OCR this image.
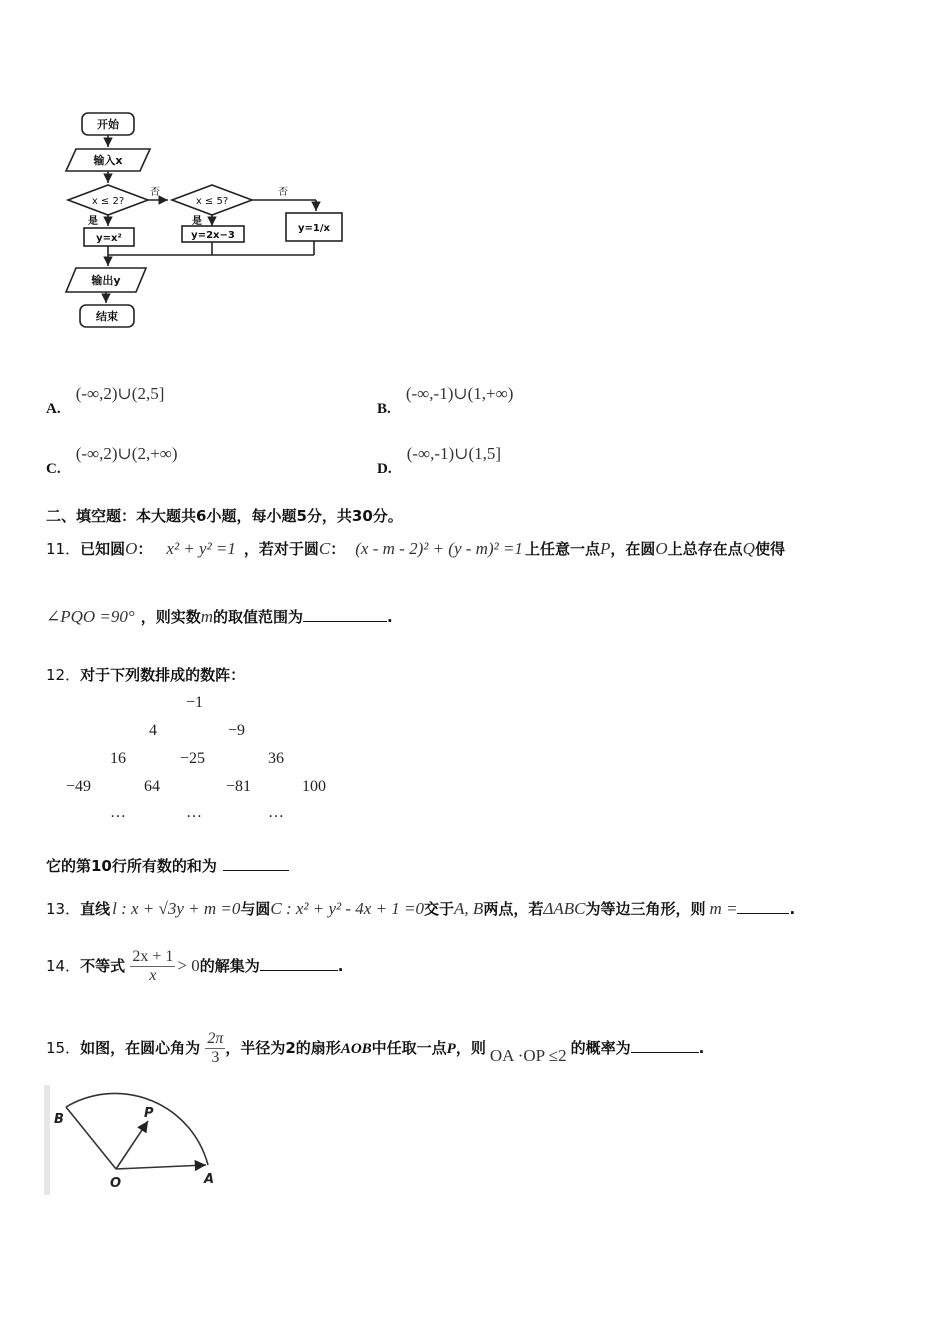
开始
输入x
x ≤ 2?	x ≤ 5?
否	否
是	是
y=x²	y=2x−3
y=1/x
输出y
结束
A. (-∞,2)∪(2,5]
B. (-∞,-1)∪(1,+∞)
C. (-∞,2)∪(2,+∞)
D. (-∞,-1)∪(1,5]
二、填空题：本大题共6小题，每小题5分，共30分。
11．已知圆O： x² + y² =1 ，若对于圆C： (x - m - 2)² + (y - m)² =1 上任意一点P，在圆O上总存在点Q使得
∠PQO =90° ，则实数m的取值范围为	.
12．对于下列数排成的数阵：
−1
4	−9
16	−25	36
−49	64	−81	100
…	…	…
它的第10行所有数的和为
13．直线 l : x + √3y + m =0与圆C : x² + y² - 4x + 1 =0交于A, B两点，若ΔABC为等边三角形，则 m =	.
14．不等式 $\frac{2x + 1}{x} > 0$的解集为	.
15．如图，在圆心角为 $\frac{2\pi}{3}$ ，半径为2的扇形AOB中任取一点P，则 OA ·OP ≤2 的概率为	.
B	P
O	A
